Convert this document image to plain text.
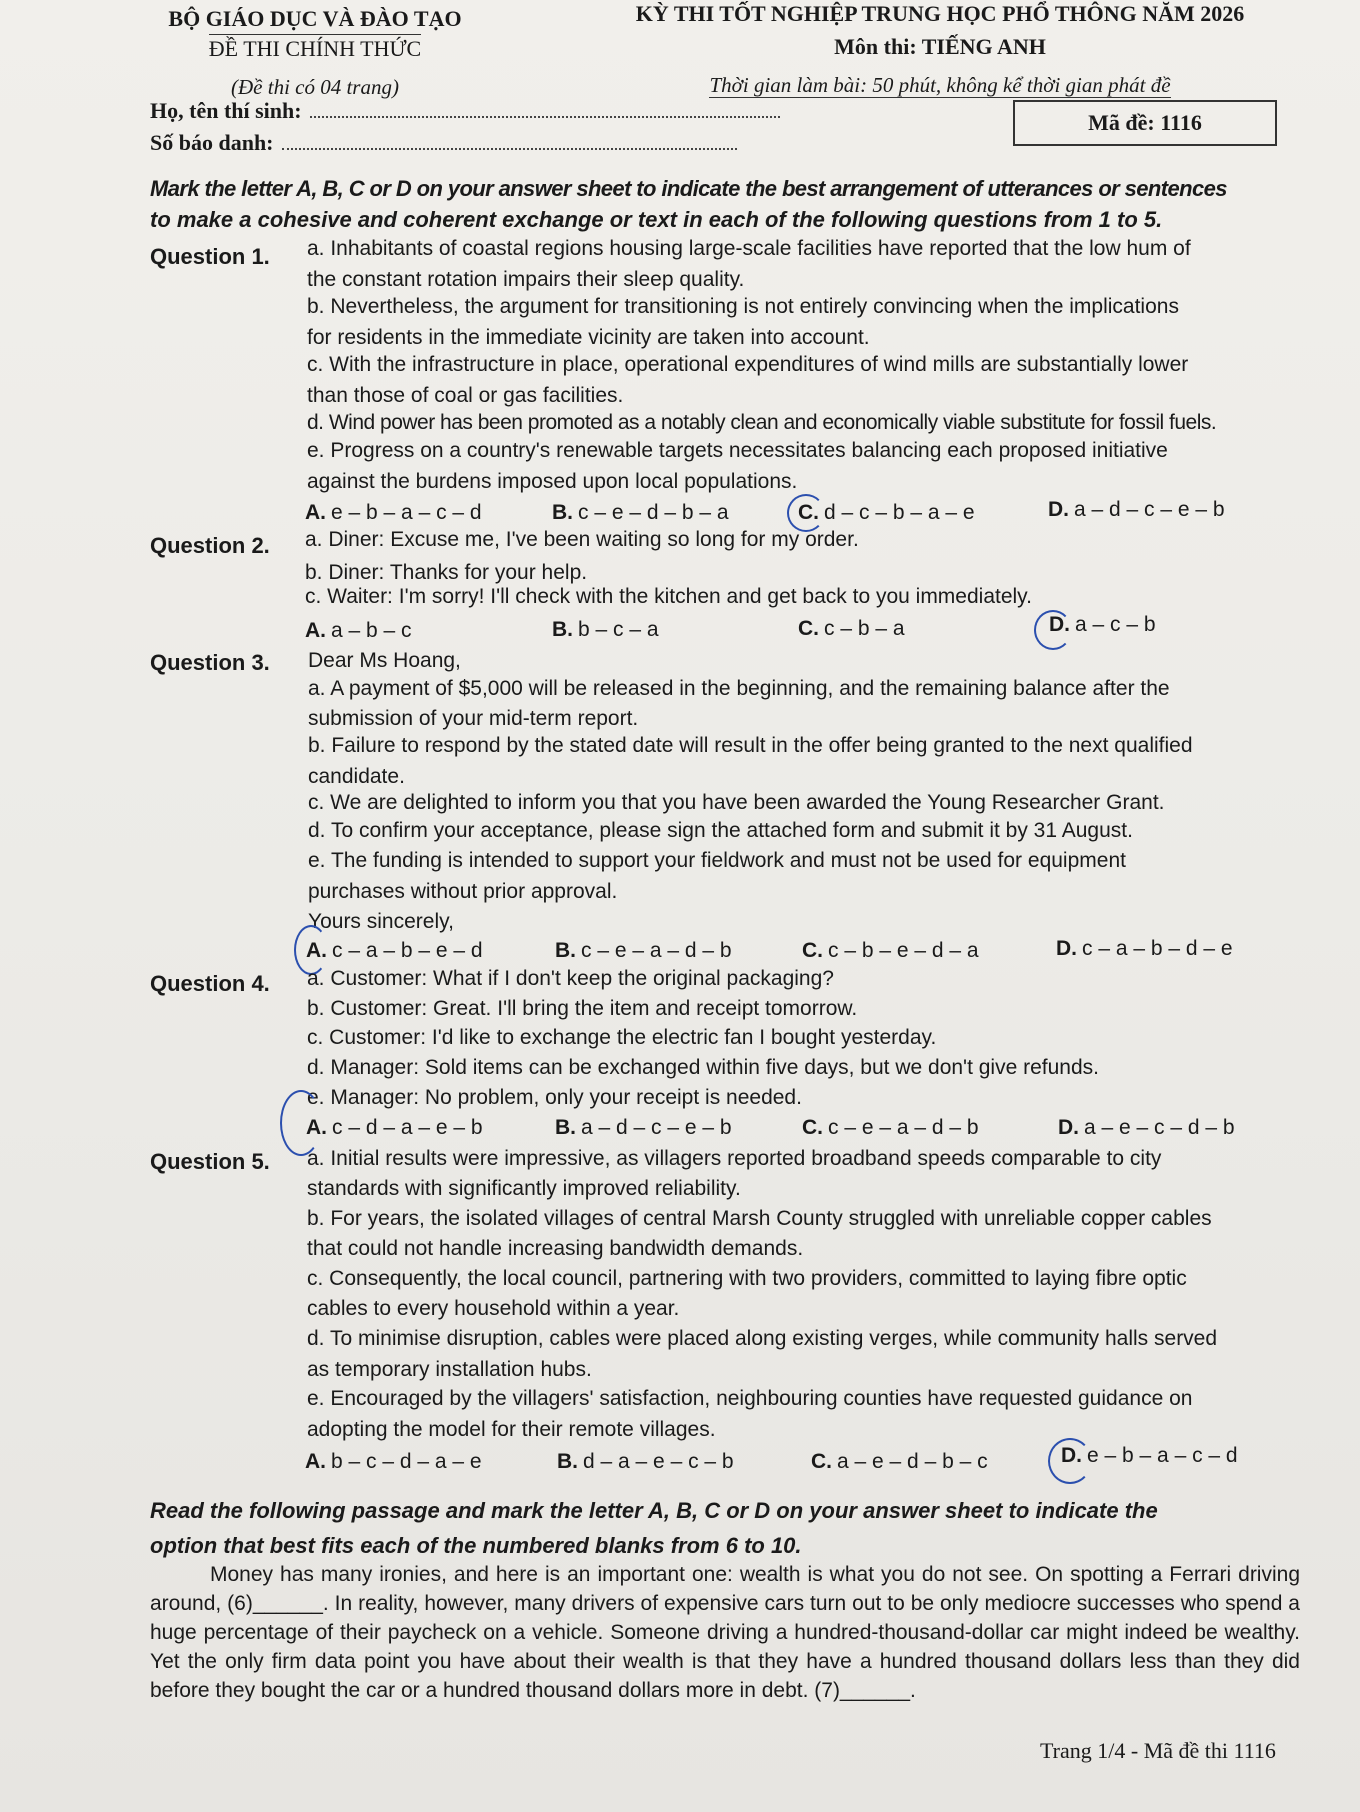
BỘ GIÁO DỤC VÀ ĐÀO TẠO
ĐỀ THI CHÍNH THỨC
(Đề thi có 04 trang)
KỲ THI TỐT NGHIỆP TRUNG HỌC PHỔ THÔNG NĂM 2026
Môn thi: TIẾNG ANH
Thời gian làm bài: 50 phút, không kể thời gian phát đề
Họ, tên thí sinh:
Số báo danh:
Mã đề: 1116
Mark the letter A, B, C or D on your answer sheet to indicate the best arrangement of utterances or sentences
to make a cohesive and coherent exchange or text in each of the following questions from 1 to 5.
Question 1. a. Inhabitants of coastal regions housing large-scale facilities have reported that the low hum of
the constant rotation impairs their sleep quality.
b. Nevertheless, the argument for transitioning is not entirely convincing when the implications
for residents in the immediate vicinity are taken into account.
c. With the infrastructure in place, operational expenditures of wind mills are substantially lower
than those of coal or gas facilities.
d. Wind power has been promoted as a notably clean and economically viable substitute for fossil fuels.
e. Progress on a country's renewable targets necessitates balancing each proposed initiative
against the burdens imposed upon local populations.
A. e – b – a – c – d	B. c – e – d – b – a	C. d – c – b – a – e	D. a – d – c – e – b
Question 2. a. Diner: Excuse me, I've been waiting so long for my order.
b. Diner: Thanks for your help.
c. Waiter: I'm sorry! I'll check with the kitchen and get back to you immediately.
A. a – b – c	B. b – c – a	C. c – b – a	D. a – c – b
Question 3. Dear Ms Hoang,
a. A payment of $5,000 will be released in the beginning, and the remaining balance after the
submission of your mid-term report.
b. Failure to respond by the stated date will result in the offer being granted to the next qualified
candidate.
c. We are delighted to inform you that you have been awarded the Young Researcher Grant.
d. To confirm your acceptance, please sign the attached form and submit it by 31 August.
e. The funding is intended to support your fieldwork and must not be used for equipment
purchases without prior approval.
Yours sincerely,
A. c – a – b – e – d	B. c – e – a – d – b	C. c – b – e – d – a	D. c – a – b – d – e
Question 4. a. Customer: What if I don't keep the original packaging?
b. Customer: Great. I'll bring the item and receipt tomorrow.
c. Customer: I'd like to exchange the electric fan I bought yesterday.
d. Manager: Sold items can be exchanged within five days, but we don't give refunds.
e. Manager: No problem, only your receipt is needed.
A. c – d – a – e – b	B. a – d – c – e – b	C. c – e – a – d – b	D. a – e – c – d – b
Question 5. a. Initial results were impressive, as villagers reported broadband speeds comparable to city
standards with significantly improved reliability.
b. For years, the isolated villages of central Marsh County struggled with unreliable copper cables
that could not handle increasing bandwidth demands.
c. Consequently, the local council, partnering with two providers, committed to laying fibre optic
cables to every household within a year.
d. To minimise disruption, cables were placed along existing verges, while community halls served
as temporary installation hubs.
e. Encouraged by the villagers' satisfaction, neighbouring counties have requested guidance on
adopting the model for their remote villages.
A. b – c – d – a – e	B. d – a – e – c – b	C. a – e – d – b – c	D. e – b – a – c – d
Read the following passage and mark the letter A, B, C or D on your answer sheet to indicate the
option that best fits each of the numbered blanks from 6 to 10.
Money has many ironies, and here is an important one: wealth is what you do not see. On spotting a Ferrari driving around, (6)______. In reality, however, many drivers of expensive cars turn out to be only mediocre successes who spend a huge percentage of their paycheck on a vehicle. Someone driving a hundred-thousand-dollar car might indeed be wealthy. Yet the only firm data point you have about their wealth is that they have a hundred thousand dollars less than they did before they bought the car or a hundred thousand dollars more in debt. (7)______.
Trang 1/4 - Mã đề thi 1116
